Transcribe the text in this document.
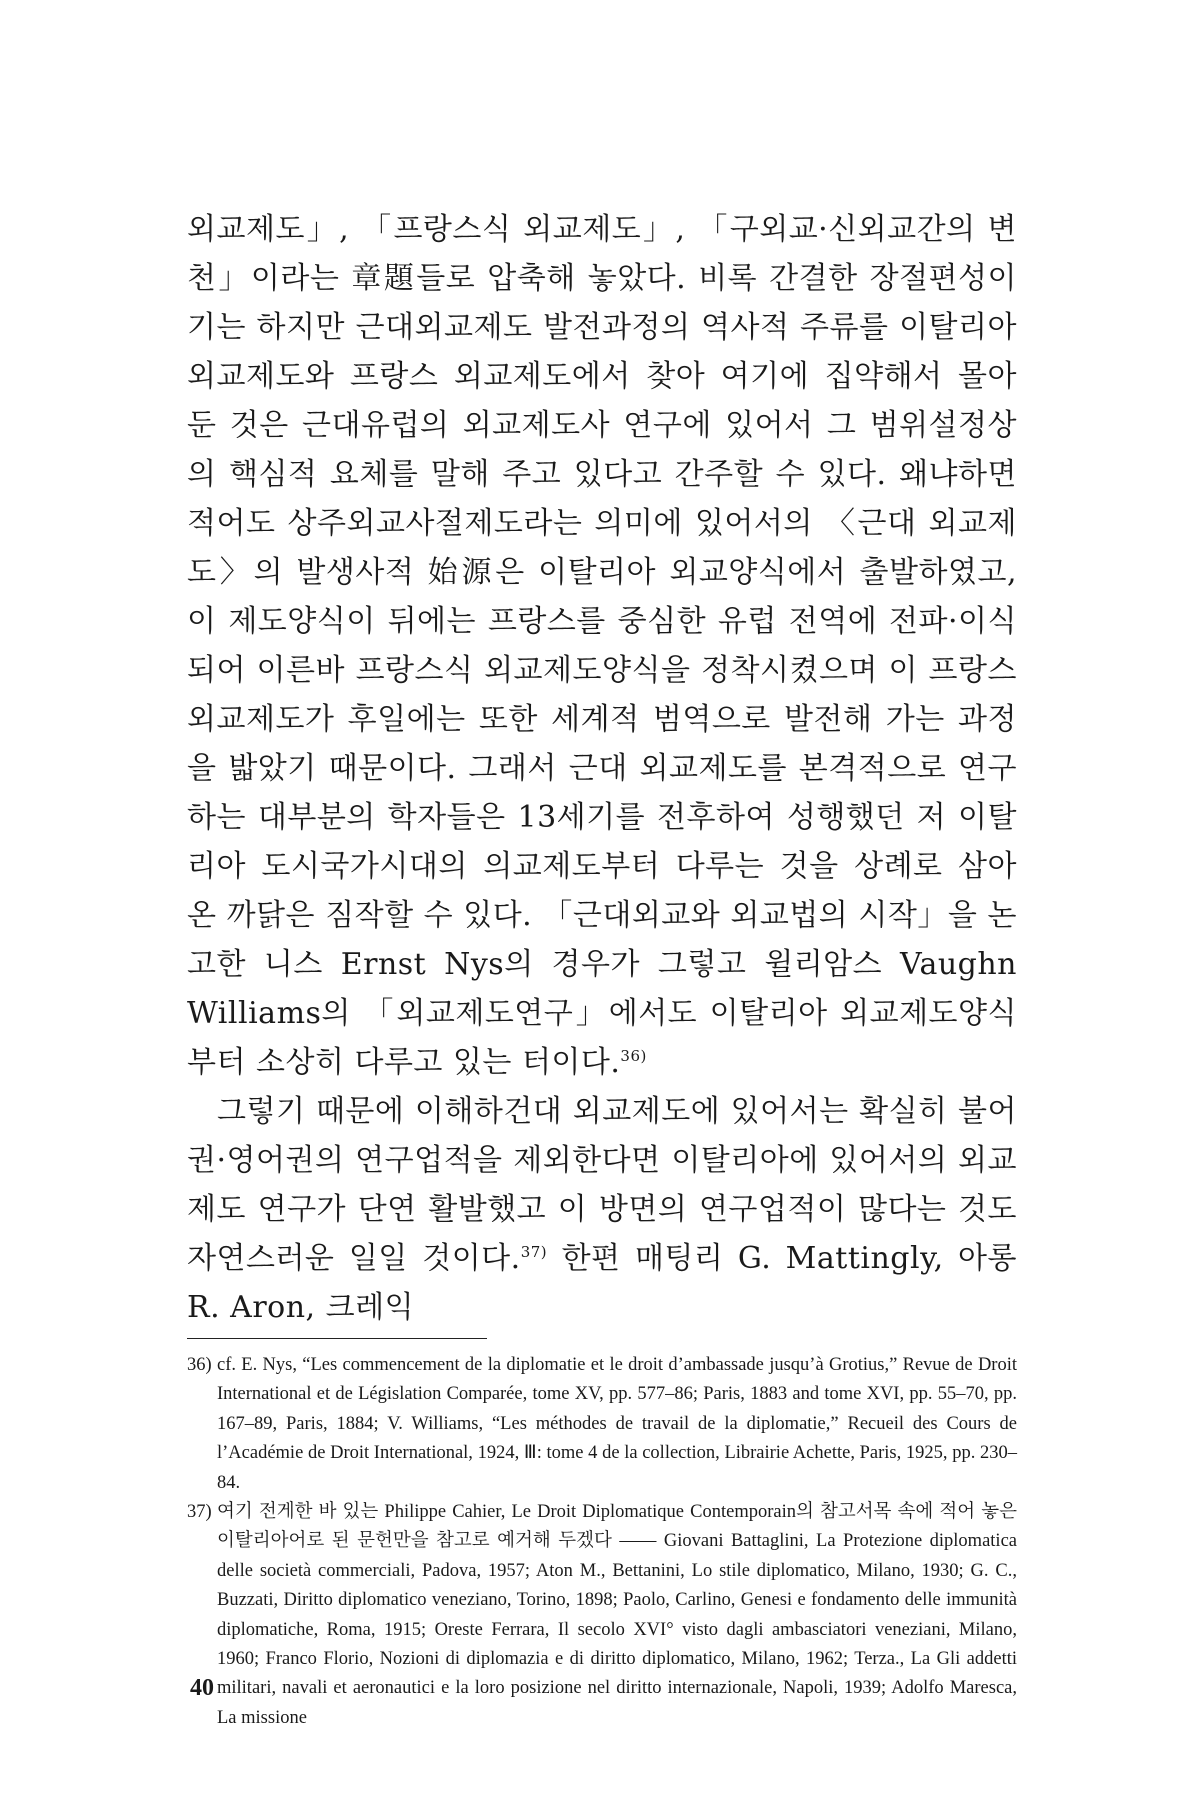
외교제도」, 「프랑스식 외교제도」, 「구외교·신외교간의 변천」이라는 章題들로 압축해 놓았다. 비록 간결한 장절편성이기는 하지만 근대외교제도 발전과정의 역사적 주류를 이탈리아 외교제도와 프랑스 외교제도에서 찾아 여기에 집약해서 몰아 둔 것은 근대유럽의 외교제도사 연구에 있어서 그 범위설정상의 핵심적 요체를 말해 주고 있다고 간주할 수 있다. 왜냐하면 적어도 상주외교사절제도라는 의미에 있어서의 〈근대 외교제도〉의 발생사적 始源은 이탈리아 외교양식에서 출발하였고, 이 제도양식이 뒤에는 프랑스를 중심한 유럽 전역에 전파·이식되어 이른바 프랑스식 외교제도양식을 정착시켰으며 이 프랑스 외교제도가 후일에는 또한 세계적 범역으로 발전해 가는 과정을 밟았기 때문이다. 그래서 근대 외교제도를 본격적으로 연구하는 대부분의 학자들은 13세기를 전후하여 성행했던 저 이탈리아 도시국가시대의 의교제도부터 다루는 것을 상례로 삼아 온 까닭은 짐작할 수 있다. 「근대외교와 외교법의 시작」을 논고한 니스 Ernst Nys의 경우가 그렇고 윌리암스 Vaughn Williams의 「외교제도연구」에서도 이탈리아 외교제도양식부터 소상히 다루고 있는 터이다.$^{36)}$

그렇기 때문에 이해하건대 외교제도에 있어서는 확실히 불어권·영어권의 연구업적을 제외한다면 이탈리아에 있어서의 외교제도 연구가 단연 활발했고 이 방면의 연구업적이 많다는 것도 자연스러운 일일 것이다.$^{37)}$ 한편 매팅리 G. Mattingly, 아롱 R. Aron, 크레익

36) cf. E. Nys, “Les commencement de la diplomatie et le droit d’ambassade jusqu’à Grotius,” Revue de Droit International et de Législation Comparée, tome XV, pp. 577–86; Paris, 1883 and tome XVI, pp. 55–70, pp. 167–89, Paris, 1884; V. Williams, “Les méthodes de travail de la diplomatie,” Recueil des Cours de l’Académie de Droit International, 1924, Ⅲ: tome 4 de la collection, Librairie Achette, Paris, 1925, pp. 230–84.

37) 여기 전게한 바 있는 Philippe Cahier, Le Droit Diplomatique Contemporain의 참고서목 속에 적어 놓은 이탈리아어로 된 문헌만을 참고로 예거해 두겠다 —— Giovani Battaglini, La Protezione diplomatica delle società commerciali, Padova, 1957; Aton M., Bettanini, Lo stile diplomatico, Milano, 1930; G. C., Buzzati, Diritto diplomatico veneziano, Torino, 1898; Paolo, Carlino, Genesi e fondamento delle immunità diplomatiche, Roma, 1915; Oreste Ferrara, Il secolo XVI° visto dagli ambasciatori veneziani, Milano, 1960; Franco Florio, Nozioni di diplomazia e di diritto diplomatico, Milano, 1962; Terza., La Gli addetti militari, navali et aeronautici e la loro posizione nel diritto internazionale, Napoli, 1939; Adolfo Maresca, La missione

40
